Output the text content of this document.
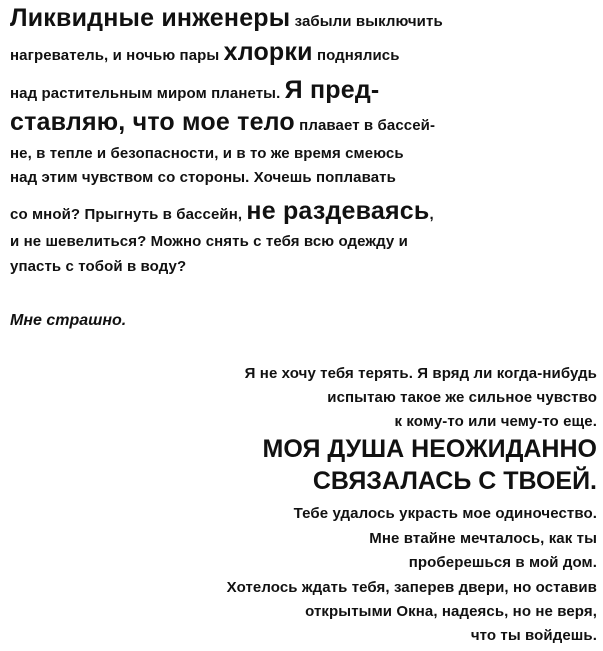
Ликвидные инженеры забыли выключить
нагреватель, и ночью пары хлорки поднялись
над растительным миром планеты. Я пред-
ставляю, что мое тело плавает в бассей-
не, в тепле и безопасности, и в то же время смеюсь
над этим чувством со стороны. Хочешь поплавать
со мной? Прыгнуть в бассейн, не раздеваясь,
и не шевелиться? Можно снять с тебя всю одежду и
упасть с тобой в воду?
Мне страшно.
Я не хочу тебя терять. Я вряд ли когда-нибудь
испытаю такое же сильное чувство
к кому-то или чему-то еще.
МОЯ ДУША НЕОЖИДАННО
СВЯЗАЛАСЬ С ТВОЕЙ.
Тебе удалось украсть мое одиночество.
Мне втайне мечталось, как ты
проберешься в мой дом.
Хотелось ждать тебя, заперев двери, но оставив
открытыми Окна, надеясь, но не веря,
что ты войдешь.
